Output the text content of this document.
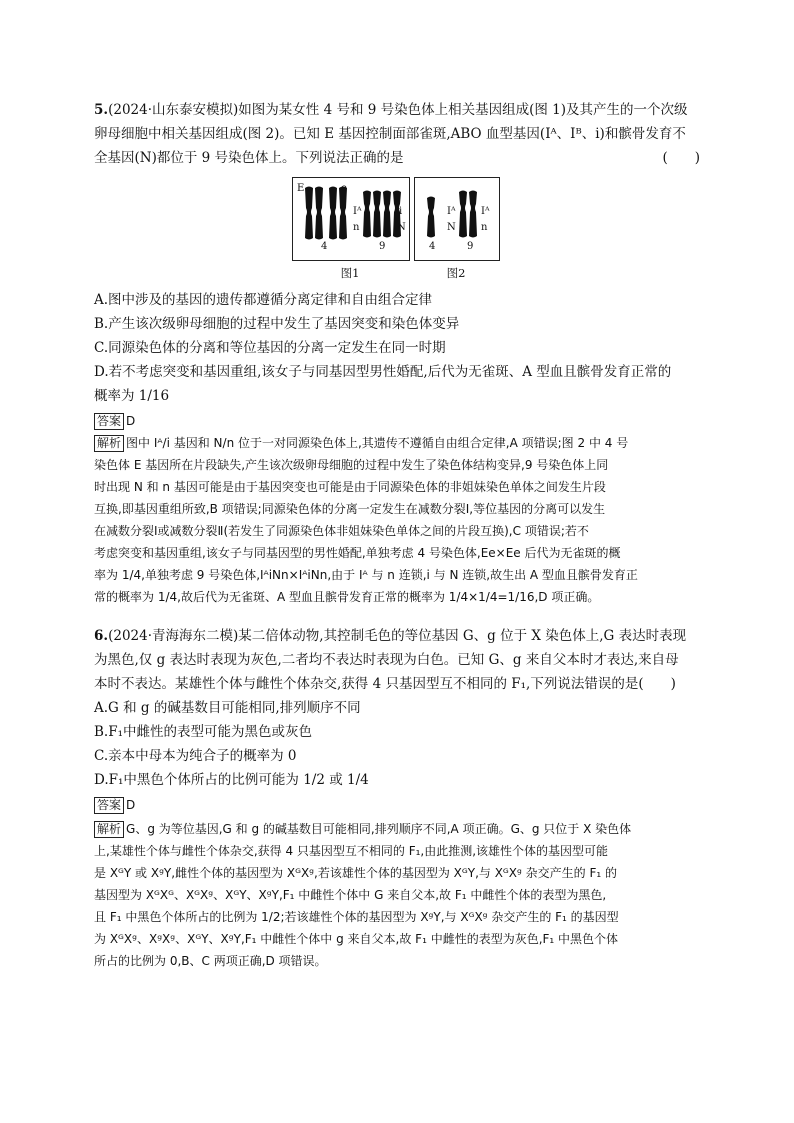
5.(2024·山东泰安模拟)如图为某女性 4 号和 9 号染色体上相关基因组成(图 1)及其产生的一个次级
卵母细胞中相关基因组成(图 2)。已知 E 基因控制面部雀斑,ABO 血型基因(Iᴬ、Iᴮ、i)和髌骨发育不
全基因(N)都位于 9 号染色体上。下列说法正确的是	(　　)
E	e
Iᴬ
n
i
N
4	9
图1
Iᴬ
N
Iᴬ
n
4	9
图2
A.图中涉及的基因的遗传都遵循分离定律和自由组合定律
B.产生该次级卵母细胞的过程中发生了基因突变和染色体变异
C.同源染色体的分离和等位基因的分离一定发生在同一时期
D.若不考虑突变和基因重组,该女子与同基因型男性婚配,后代为无雀斑、A 型血且髌骨发育正常的
概率为 1/16
答案 D
解析 图中 Iᴬ/i 基因和 N/n 位于一对同源染色体上,其遗传不遵循自由组合定律,A 项错误;图 2 中 4 号
染色体 E 基因所在片段缺失,产生该次级卵母细胞的过程中发生了染色体结构变异,9 号染色体上同
时出现 N 和 n 基因可能是由于基因突变也可能是由于同源染色体的非姐妹染色单体之间发生片段
互换,即基因重组所致,B 项错误;同源染色体的分离一定发生在减数分裂Ⅰ,等位基因的分离可以发生
在减数分裂Ⅰ或减数分裂Ⅱ(若发生了同源染色体非姐妹染色单体之间的片段互换),C 项错误;若不
考虑突变和基因重组,该女子与同基因型的男性婚配,单独考虑 4 号染色体,Ee×Ee 后代为无雀斑的概
率为 1/4,单独考虑 9 号染色体,IᴬiNn×IᴬiNn,由于 Iᴬ 与 n 连锁,i 与 N 连锁,故生出 A 型血且髌骨发育正
常的概率为 1/4,故后代为无雀斑、A 型血且髌骨发育正常的概率为 1/4×1/4=1/16,D 项正确。
6.(2024·青海海东二模)某二倍体动物,其控制毛色的等位基因 G、g 位于 X 染色体上,G 表达时表现
为黑色,仅 g 表达时表现为灰色,二者均不表达时表现为白色。已知 G、g 来自父本时才表达,来自母
本时不表达。某雄性个体与雌性个体杂交,获得 4 只基因型互不相同的 F₁,下列说法错误的是(　　)
A.G 和 g 的碱基数目可能相同,排列顺序不同
B.F₁中雌性的表型可能为黑色或灰色
C.亲本中母本为纯合子的概率为 0
D.F₁中黑色个体所占的比例可能为 1/2 或 1/4
答案 D
解析 G、g 为等位基因,G 和 g 的碱基数目可能相同,排列顺序不同,A 项正确。G、g 只位于 X 染色体
上,某雄性个体与雌性个体杂交,获得 4 只基因型互不相同的 F₁,由此推测,该雄性个体的基因型可能
是 XᴳY 或 XᵍY,雌性个体的基因型为 XᴳXᵍ,若该雄性个体的基因型为 XᴳY,与 XᴳXᵍ 杂交产生的 F₁ 的
基因型为 XᴳXᴳ、XᴳXᵍ、XᴳY、XᵍY,F₁ 中雌性个体中 G 来自父本,故 F₁ 中雌性个体的表型为黑色,
且 F₁ 中黑色个体所占的比例为 1/2;若该雄性个体的基因型为 XᵍY,与 XᴳXᵍ 杂交产生的 F₁ 的基因型
为 XᴳXᵍ、XᵍXᵍ、XᴳY、XᵍY,F₁ 中雌性个体中 g 来自父本,故 F₁ 中雌性的表型为灰色,F₁ 中黑色个体
所占的比例为 0,B、C 两项正确,D 项错误。
